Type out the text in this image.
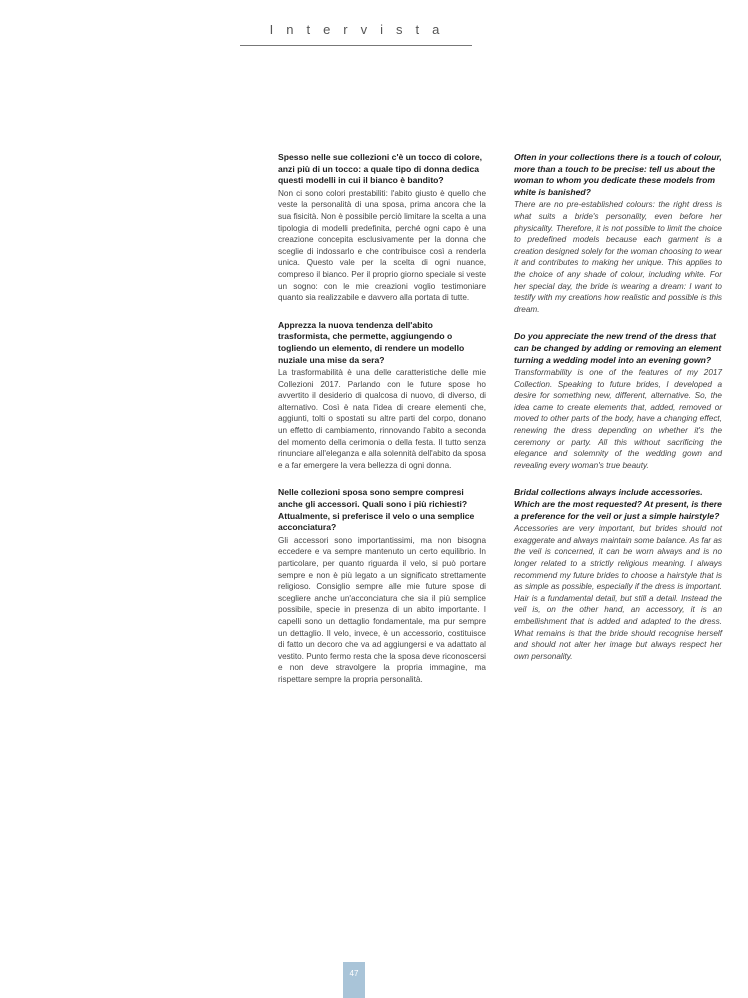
Intervista

Spesso nelle sue collezioni c'è un tocco di colore, anzi più di un tocco: a quale tipo di donna dedica questi modelli in cui il bianco è bandito?

Non ci sono colori prestabiliti: l'abito giusto è quello che veste la personalità di una sposa, prima ancora che la sua fisicità. Non è possibile perciò limitare la scelta a una tipologia di modelli predefinita, perché ogni capo è una creazione concepita esclusivamente per la donna che sceglie di indossarlo e che contribuisce così a renderla unica. Questo vale per la scelta di ogni nuance, compreso il bianco. Per il proprio giorno speciale si veste un sogno: con le mie creazioni voglio testimoniare quanto sia realizzabile e davvero alla portata di tutte.

Apprezza la nuova tendenza dell'abito trasformista, che permette, aggiungendo o togliendo un elemento, di rendere un modello nuziale una mise da sera?

La trasformabilità è una delle caratteristiche delle mie Collezioni 2017. Parlando con le future spose ho avvertito il desiderio di qualcosa di nuovo, di diverso, di alternativo. Così è nata l'idea di creare elementi che, aggiunti, tolti o spostati su altre parti del corpo, donano un effetto di cambiamento, rinnovando l'abito a seconda del momento della cerimonia o della festa. Il tutto senza rinunciare all'eleganza e alla solennità dell'abito da sposa e a far emergere la vera bellezza di ogni donna.

Nelle collezioni sposa sono sempre compresi anche gli accessori. Quali sono i più richiesti? Attualmente, si preferisce il velo o una semplice acconciatura?

Gli accessori sono importantissimi, ma non bisogna eccedere e va sempre mantenuto un certo equilibrio. In particolare, per quanto riguarda il velo, si può portare sempre e non è più legato a un significato strettamente religioso. Consiglio sempre alle mie future spose di scegliere anche un'acconciatura che sia il più semplice possibile, specie in presenza di un abito importante. I capelli sono un dettaglio fondamentale, ma pur sempre un dettaglio. Il velo, invece, è un accessorio, costituisce di fatto un decoro che va ad aggiungersi e va adattato al vestito. Punto fermo resta che la sposa deve riconoscersi e non deve stravolgere la propria immagine, ma rispettare sempre la propria personalità.

Often in your collections there is a touch of colour, more than a touch to be precise: tell us about the woman to whom you dedicate these models from white is banished?

There are no pre-established colours: the right dress is what suits a bride's personality, even before her physicality. Therefore, it is not possible to limit the choice to predefined models because each garment is a creation designed solely for the woman choosing to wear it and contributes to making her unique. This applies to the choice of any shade of colour, including white. For her special day, the bride is wearing a dream: I want to testify with my creations how realistic and possible is this dream.

Do you appreciate the new trend of the dress that can be changed by adding or removing an element turning a wedding model into an evening gown?

Transformability is one of the features of my 2017 Collection. Speaking to future brides, I developed a desire for something new, different, alternative. So, the idea came to create elements that, added, removed or moved to other parts of the body, have a changing effect, renewing the dress depending on whether it's the ceremony or party. All this without sacrificing the elegance and solemnity of the wedding gown and revealing every woman's true beauty.

Bridal collections always include accessories. Which are the most requested? At present, is there a preference for the veil or just a simple hairstyle?

Accessories are very important, but brides should not exaggerate and always maintain some balance. As far as the veil is concerned, it can be worn always and is no longer related to a strictly religious meaning. I always recommend my future brides to choose a hairstyle that is as simple as possible, especially if the dress is important. Hair is a fundamental detail, but still a detail. Instead the veil is, on the other hand, an accessory, it is an embellishment that is added and adapted to the dress. What remains is that the bride should recognise herself and should not alter her image but always respect her own personality.

47
